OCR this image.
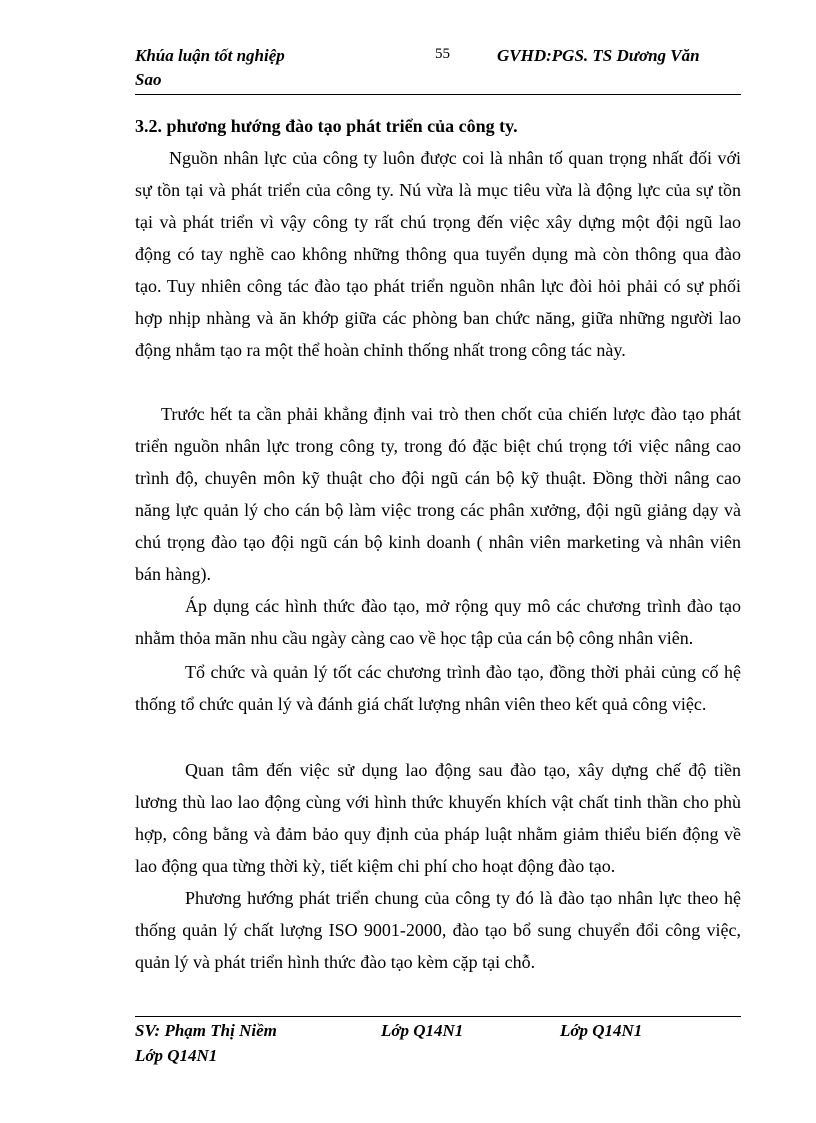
Khúa luận tốt nghiệp
Sao
55	GVHD:PGS. TS Dương Văn
3.2. phương hướng đào tạo phát triển của công ty.

Nguồn nhân lực của công ty luôn được coi là nhân tố quan trọng nhất đối với sự tồn tại và phát triển của công ty. Nú vừa là mục tiêu vừa là động lực của sự tồn tại và phát triển vì vậy công ty rất chú trọng đến việc xây dựng một đội ngũ lao động có tay nghề cao không những thông qua tuyển dụng mà còn thông qua đào tạo. Tuy nhiên công tác đào tạo phát triển nguồn nhân lực đòi hỏi phải có sự phối hợp nhịp nhàng và ăn khớp giữa các phòng ban chức năng, giữa những người lao động nhằm tạo ra một thể hoàn chỉnh thống nhất trong công tác này.

Trước hết ta cần phải khẳng định vai trò then chốt của chiến lược đào tạo phát triển nguồn nhân lực trong công ty, trong đó đặc biệt chú trọng tới việc nâng cao trình độ, chuyên môn kỹ thuật cho đội ngũ cán bộ kỹ thuật. Đồng thời nâng cao năng lực quản lý cho cán bộ làm việc trong các phân xưởng, đội ngũ giảng dạy và chú trọng đào tạo đội ngũ cán bộ kinh doanh ( nhân viên marketing và nhân viên bán hàng).

Áp dụng các hình thức đào tạo, mở rộng quy mô các chương trình đào tạo nhằm thỏa mãn nhu cầu ngày càng cao về học tập của cán bộ công nhân viên.

Tổ chức và quản lý tốt các chương trình đào tạo, đồng thời phải củng cố hệ thống tổ chức quản lý và đánh giá chất lượng nhân viên theo kết quả công việc.

Quan tâm đến việc sử dụng lao động sau đào tạo, xây dựng chế độ tiền lương thù lao lao động cùng với hình thức khuyến khích vật chất tinh thần cho phù hợp, công bằng và đảm bảo quy định của pháp luật nhằm giảm thiểu biến động về lao động qua từng thời kỳ, tiết kiệm chi phí cho hoạt động đào tạo.

Phương hướng phát triển chung của công ty đó là đào tạo nhân lực theo hệ thống quản lý chất lượng ISO 9001-2000, đào tạo bổ sung chuyển đổi công việc, quản lý và phát triển hình thức đào tạo kèm cặp tại chỗ.

SV: Phạm Thị Niềm	Lớp Q14N1	Lớp Q14N1
Lớp Q14N1
